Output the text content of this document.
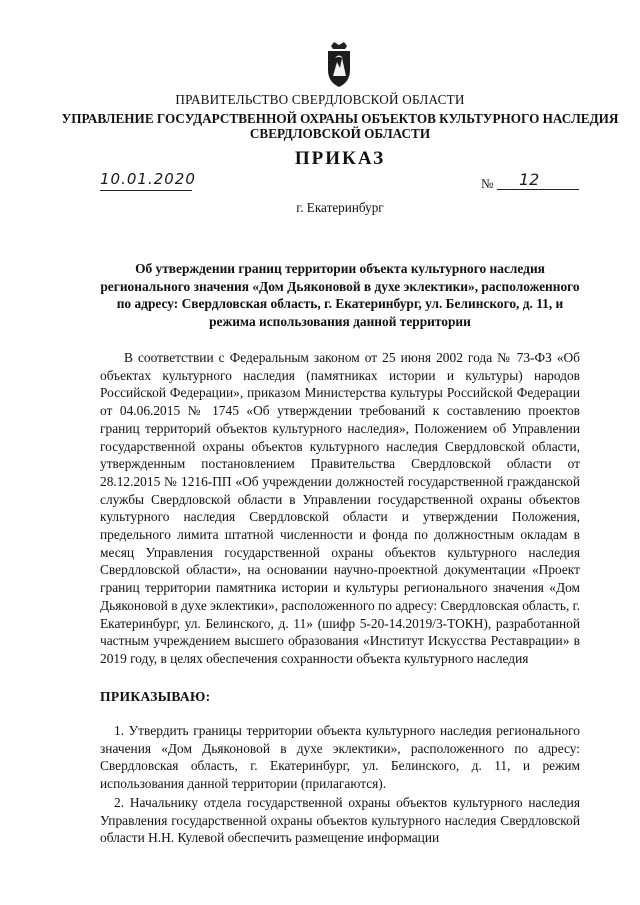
ПРАВИТЕЛЬСТВО СВЕРДЛОВСКОЙ ОБЛАСТИ
УПРАВЛЕНИЕ ГОСУДАРСТВЕННОЙ ОХРАНЫ ОБЪЕКТОВ КУЛЬТУРНОГО НАСЛЕДИЯ СВЕРДЛОВСКОЙ ОБЛАСТИ
ПРИКАЗ
10.01.2020	№	12
г. Екатеринбург
Об утверждении границ территории объекта культурного наследия регионального значения «Дом Дьяконовой в духе эклектики», расположенного по адресу: Свердловская область, г. Екатеринбург, ул. Белинского, д. 11, и режима использования данной территории
В соответствии с Федеральным законом от 25 июня 2002 года № 73-ФЗ «Об объектах культурного наследия (памятниках истории и культуры) народов Российской Федерации», приказом Министерства культуры Российской Федерации от 04.06.2015 № 1745 «Об утверждении требований к составлению проектов границ территорий объектов культурного наследия», Положением об Управлении государственной охраны объектов культурного наследия Свердловской области, утвержденным постановлением Правительства Свердловской области от 28.12.2015 № 1216-ПП «Об учреждении должностей государственной гражданской службы Свердловской области в Управлении государственной охраны объектов культурного наследия Свердловской области и утверждении Положения, предельного лимита штатной численности и фонда по должностным окладам в месяц Управления государственной охраны объектов культурного наследия Свердловской области», на основании научно-проектной документации «Проект границ территории памятника истории и культуры регионального значения «Дом Дьяконовой в духе эклектики», расположенного по адресу: Свердловская область, г. Екатеринбург, ул. Белинского, д. 11» (шифр 5-20-14.2019/3-ТОКН), разработанной частным учреждением высшего образования «Институт Искусства Реставрации» в 2019 году, в целях обеспечения сохранности объекта культурного наследия
ПРИКАЗЫВАЮ:
1. Утвердить границы территории объекта культурного наследия регионального значения «Дом Дьяконовой в духе эклектики», расположенного по адресу: Свердловская область, г. Екатеринбург, ул. Белинского, д. 11, и режим использования данной территории (прилагаются).
2. Начальнику отдела государственной охраны объектов культурного наследия Управления государственной охраны объектов культурного наследия Свердловской области Н.Н. Кулевой обеспечить размещение информации
